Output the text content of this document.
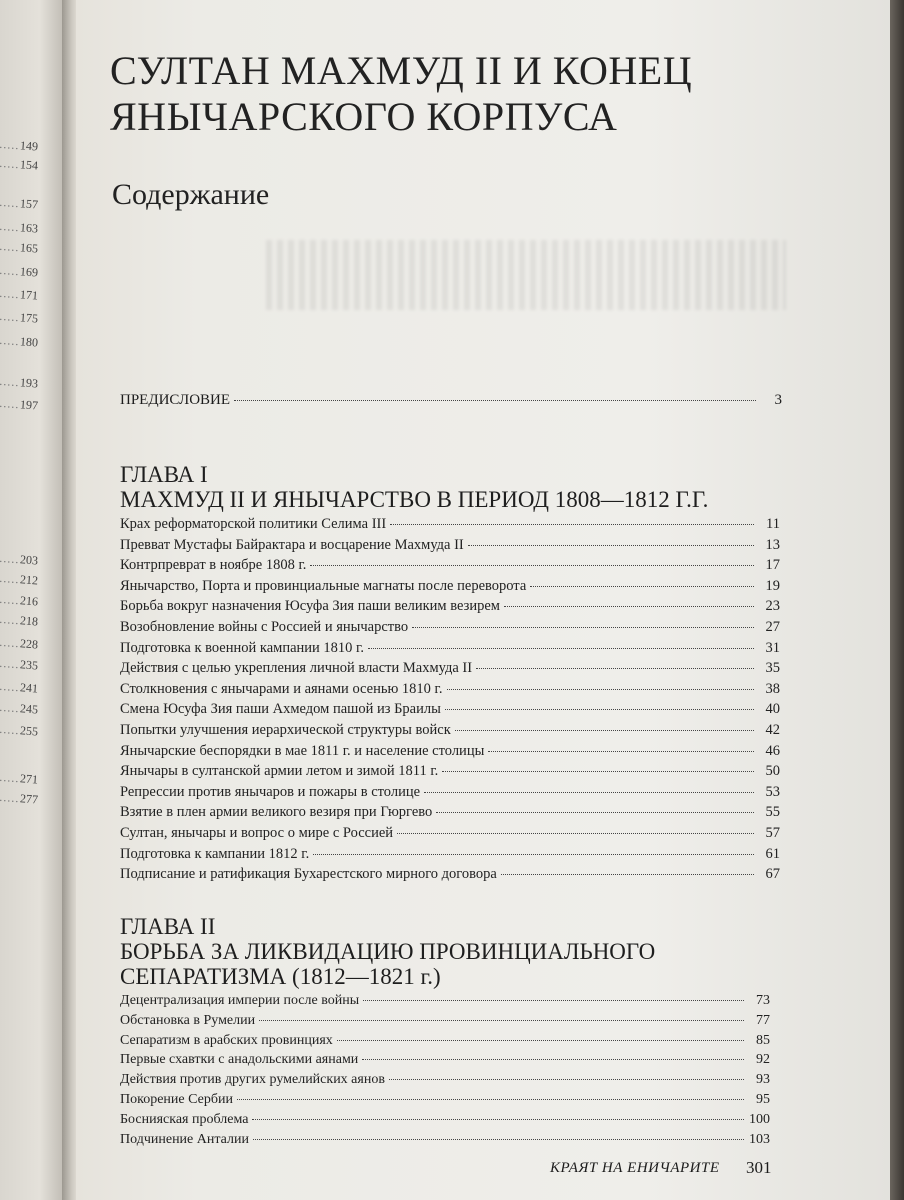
…… 149
…… 154
…… 157
…… 163
…… 165
…… 169
…… 171
…… 175
…… 180
…… 193
…… 197
…… 203
…… 212
…… 216
…… 218
…… 228
…… 235
…… 241
…… 245
…… 255
…… 271
…… 277
СУЛТАН МАХМУД II И КОНЕЦ
ЯНЫЧАРСКОГО КОРПУСА
Содержание
ПРЕДИСЛОВИЕ	3
ГЛАВА I
МАХМУД II И ЯНЫЧАРСТВО В ПЕРИОД 1808—1812 Г.Г.
Крах реформаторской политики Селима III	11
Превват Мустафы Байрактара и восцарение Махмуда II	13
Контрпреврат в ноябре 1808 г.	17
Янычарство, Порта и провинциальные магнаты после переворота	19
Борьба вокруг назначения Юсуфа Зия паши великим везирем	23
Возобновление войны с Россией и янычарство	27
Подготовка к военной кампании 1810 г.	31
Действия с целью укрепления личной власти Махмуда II	35
Столкновения с янычарами и аянами осенью 1810 г.	38
Смена Юсуфа Зия паши Ахмедом пашой из Браилы	40
Попытки улучшения иерархической структуры войск	42
Янычарские беспорядки в мае 1811 г. и население столицы	46
Янычары в султанской армии летом и зимой 1811 г.	50
Репрессии против янычаров и пожары в столице	53
Взятие в плен армии великого везиря при Гюргево	55
Султан, янычары и вопрос о мире с Россией	57
Подготовка к кампании 1812 г.	61
Подписание и ратификация Бухарестского мирного договора	67
ГЛАВА II
БОРЬБА ЗА ЛИКВИДАЦИЮ ПРОВИНЦИАЛЬНОГО
СЕПАРАТИЗМА (1812—1821 г.)
Децентрализация империи после войны	73
Обстановка в Румелии	77
Сепаратизм в арабских провинциях	85
Первые схавтки с анадольскими аянами	92
Действия против других румелийских аянов	93
Покорение Сербии	95
Боснияская проблема	100
Подчинение Анталии	103
КРАЯТ НА ЕНИЧАРИТЕ 301
